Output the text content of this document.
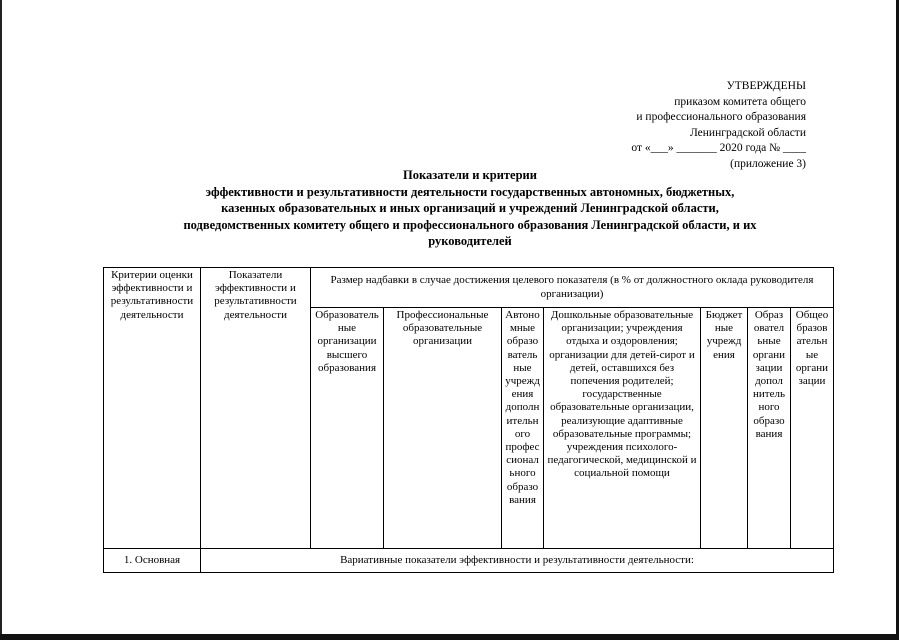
УТВЕРЖДЕНЫ
приказом комитета общего
и профессионального образования
Ленинградской области
от «___» _______ 2020 года № ____
(приложение 3)
Показатели и критерии
эффективности и результативности деятельности государственных автономных, бюджетных,
казенных образовательных и иных организаций и учреждений Ленинградской области,
подведомственных комитету общего и профессионального образования Ленинградской области, и их
руководителей
Критерии оценки эффективности и результативности деятельности	Показатели эффективности и результативности деятельности	Размер надбавки в случае достижения целевого показателя (в % от должностного оклада руководителя организации)						
		Образователь ные организации высшего образования	Профессиональные образовательные организации	Автоно мные образо ватель ные учрежд ения дополн ительн ого профес сионал ьного образо вания	Дошкольные образовательные организации; учреждения отдыха и оздоровления; организации для детей-сирот и детей, оставшихся без попечения родителей; государственные образовательные организации, реализующие адаптивные образовательные программы; учреждения психолого-педагогической, медицинской и социальной помощи	Бюджет ные учрежд ения	Образ овател ьные органи зации допол нитель ного образо вания	Общео бразов ательн ые органи зации
1. Основная	Вариативные показатели эффективности и результативности деятельности:							
